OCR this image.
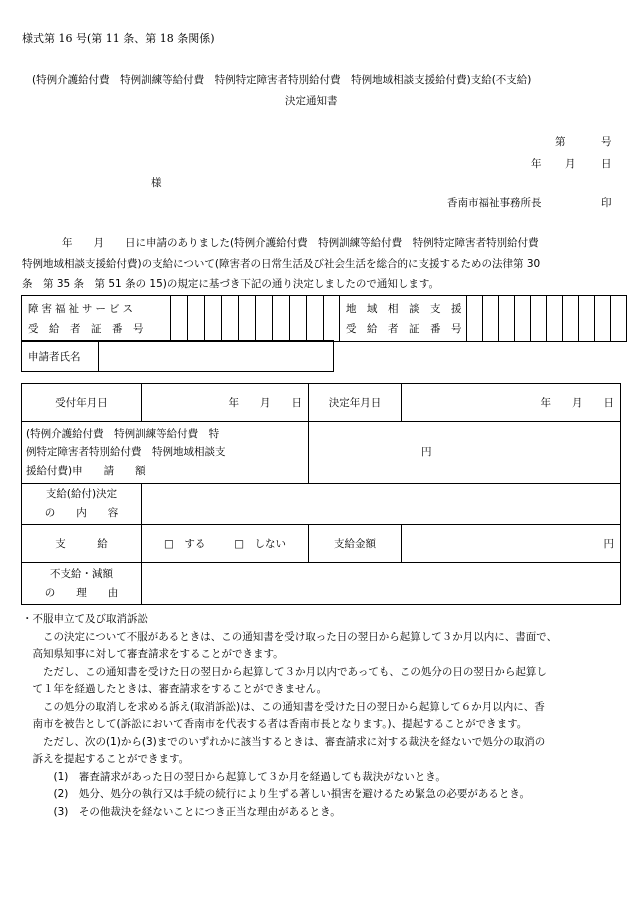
様式第 16 号(第 11 条、第 18 条関係)
(特例介護給付費　特例訓練等給付費　特例特定障害者特別給付費　特例地域相談支援給付費)支給(不支給)
決定通知書
第	号
年 月 日
様
香南市福祉事務所長	印
年　　月　　日に申請のありました(特例介護給付費　特例訓練等給付費　特例特定障害者特別給付費
特例地域相談支援給付費)の支給について(障害者の日常生活及び社会生活を総合的に支援するための法律第 30
条　第 35 条　第 51 条の 15)の規定に基づき下記の通り決定しましたので通知します。
障害福祉サービス
受　給　者　証　番　号

地　域　相　談　支　援
受　給　者　証　番　号

申請者氏名	
受付年月日	年　　月　　日	決定年月日	年　　月　　日

(特例介護給付費　特例訓練等給付費　特
例特定障害者特別給付費　特例地域相談支
援給付費)申　　請　　額		円	

支給(給付)決定
の　　内　　容			

支　　　給	□　する □　しない	支給金額	円

不支給・減額
の　　理　　由			

・不服申立て及び取消訴訟

　　この決定について不服があるときは、この通知書を受け取った日の翌日から起算して３か月以内に、書面で、

　高知県知事に対して審査請求をすることができます。

　　ただし、この通知書を受けた日の翌日から起算して３か月以内であっても、この処分の日の翌日から起算し

　て１年を経過したときは、審査請求をすることができません。

　　この処分の取消しを求める訴え(取消訴訟)は、この通知書を受けた日の翌日から起算して６か月以内に、香

　南市を被告として(訴訟において香南市を代表する者は香南市長となります。)、提起することができます。

　　ただし、次の(1)から(3)までのいずれかに該当するときは、審査請求に対する裁決を経ないで処分の取消の

　訴えを提起することができます。

　　　(1)　審査請求があった日の翌日から起算して３か月を経過しても裁決がないとき。

　　　(2)　処分、処分の執行又は手続の続行により生ずる著しい損害を避けるため緊急の必要があるとき。

　　　(3)　その他裁決を経ないことにつき正当な理由があるとき。
